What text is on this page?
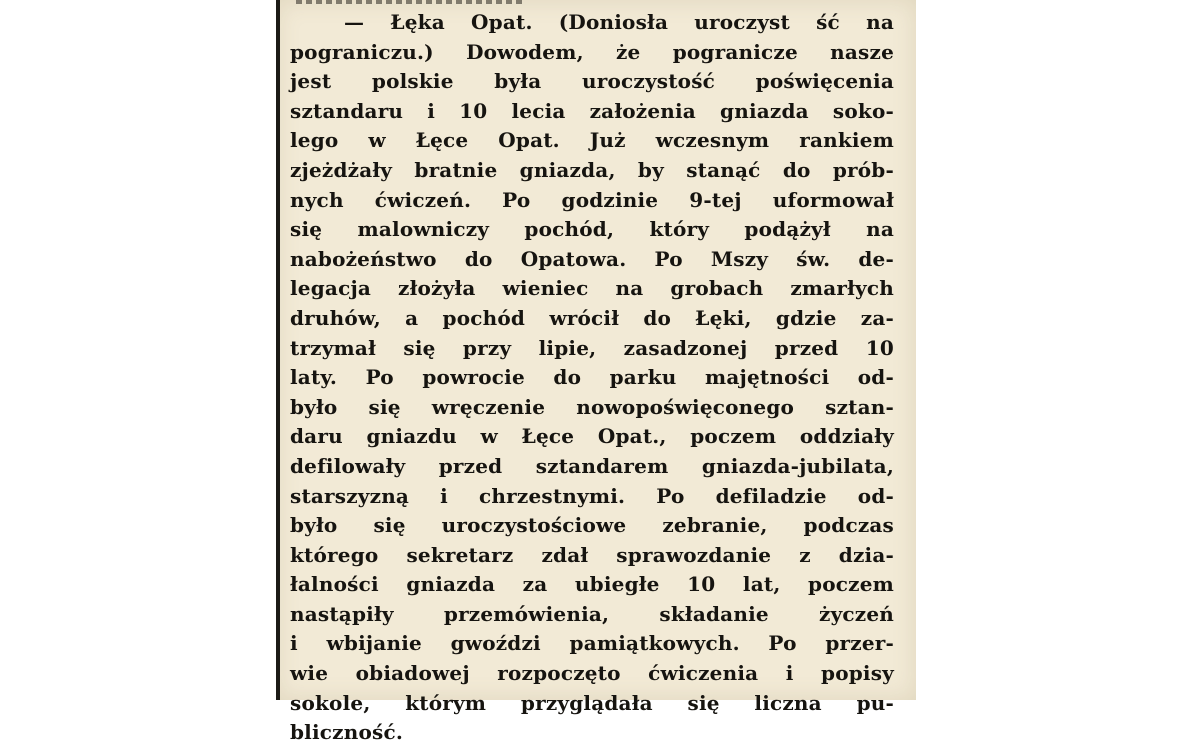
— Łęka Opat. (Doniosła uroczyst ść na
pograniczu.) Dowodem, że pogranicze nasze
jest polskie była uroczystość poświęcenia
sztandaru i 10 lecia założenia gniazda soko-
lego w Łęce Opat. Już wczesnym rankiem
zjeżdżały bratnie gniazda, by stanąć do prób-
nych ćwiczeń. Po godzinie 9-tej uformował
się malowniczy pochód, który podążył na
nabożeństwo do Opatowa. Po Mszy św. de-
legacja złożyła wieniec na grobach zmarłych
druhów, a pochód wrócił do Łęki, gdzie za-
trzymał się przy lipie, zasadzonej przed 10
laty. Po powrocie do parku majętności od-
było się wręczenie nowopoświęconego sztan-
daru gniazdu w Łęce Opat., poczem oddziały
defilowały przed sztandarem gniazda-jubilata,
starszyzną i chrzestnymi. Po defiladzie od-
było się uroczystościowe zebranie, podczas
którego sekretarz zdał sprawozdanie z dzia-
łalności gniazda za ubiegłe 10 lat, poczem
nastąpiły przemówienia, składanie życzeń
i wbijanie gwoździ pamiątkowych. Po przer-
wie obiadowej rozpoczęto ćwiczenia i popisy
sokole, którym przyglądała się liczna pu-
bliczność.
